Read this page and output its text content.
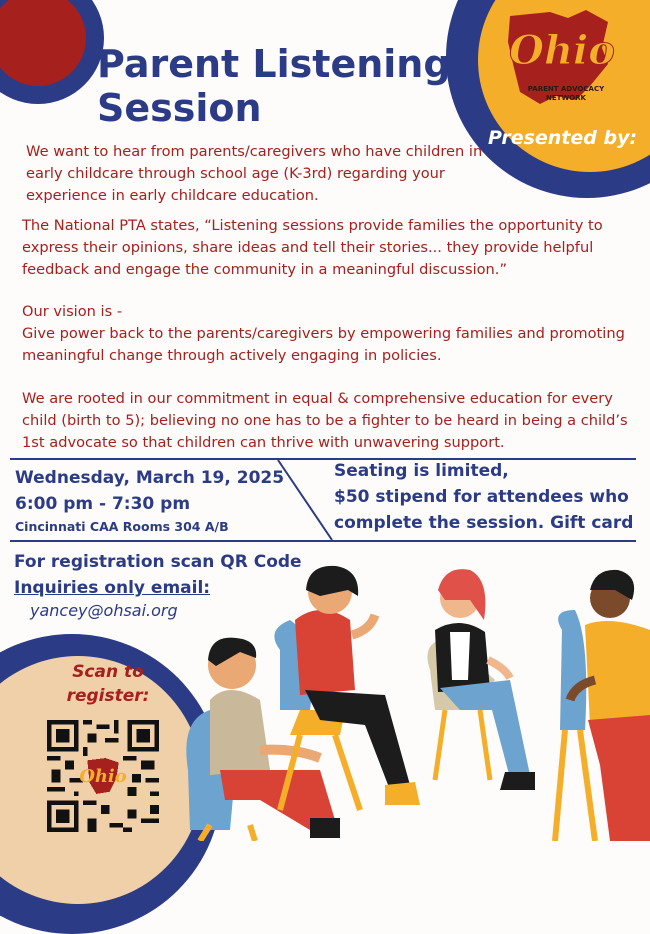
Ohio
PARENT ADVOCACY
NETWORK
Parent Listening Session
Presented by:
We want to hear from parents/caregivers who have children in early childcare through school age (K-3rd) regarding your experience in early childcare education.
The National PTA states, “Listening sessions provide families the opportunity to express their opinions, share ideas and tell their stories... they provide helpful feedback and engage the community in a meaningful discussion.”
Our vision is -
Give power back to the parents/caregivers by empowering families and promoting meaningful change through actively engaging in policies.
We are rooted in our commitment in equal & comprehensive education for every child (birth to 5); believing no one has to be a fighter to be heard in being a child’s 1st advocate so that children can thrive with unwavering support.
Wednesday, March 19, 2025
6:00 pm - 7:30 pm
Cincinnati CAA Rooms 304 A/B
Seating is limited,
$50 stipend for attendees who
complete the session. Gift card
For registration scan QR Code
Inquiries only email:
yancey@ohsai.org
Scan to
register:
Ohio
